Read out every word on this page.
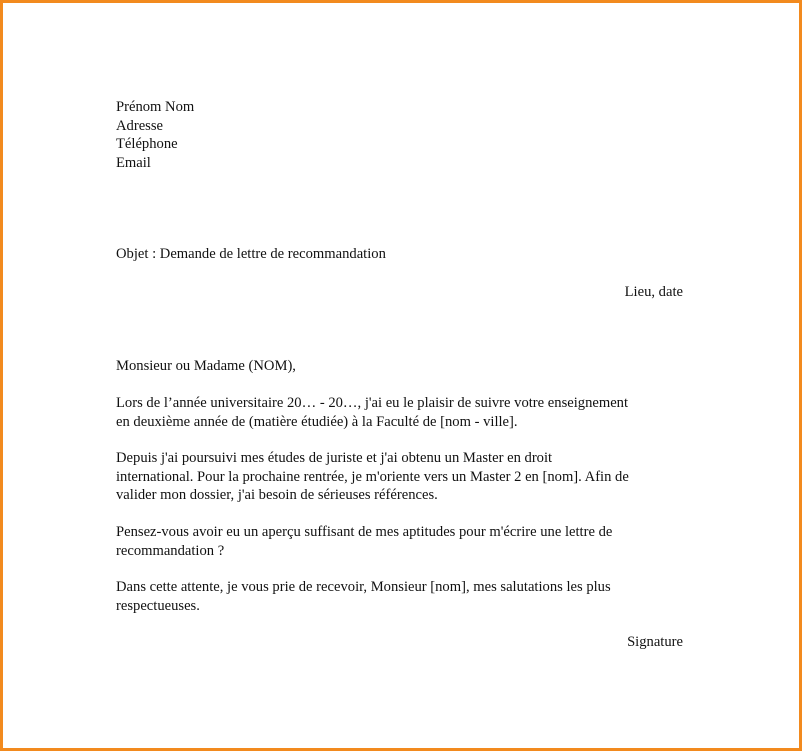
Prénom Nom
Adresse
Téléphone
Email
Objet : Demande de lettre de recommandation
Lieu, date
Monsieur ou Madame (NOM),
Lors de l’année universitaire 20… - 20…, j'ai eu le plaisir de suivre votre enseignement
en deuxième année de (matière étudiée) à la Faculté de [nom - ville].
Depuis j'ai poursuivi mes études de juriste et j'ai obtenu un Master en droit
international. Pour la prochaine rentrée, je m'oriente vers un Master 2 en [nom]. Afin de
valider mon dossier, j'ai besoin de sérieuses références.
Pensez-vous avoir eu un aperçu suffisant de mes aptitudes pour m'écrire une lettre de
recommandation ?
Dans cette attente, je vous prie de recevoir, Monsieur [nom], mes salutations les plus
respectueuses.
Signature
